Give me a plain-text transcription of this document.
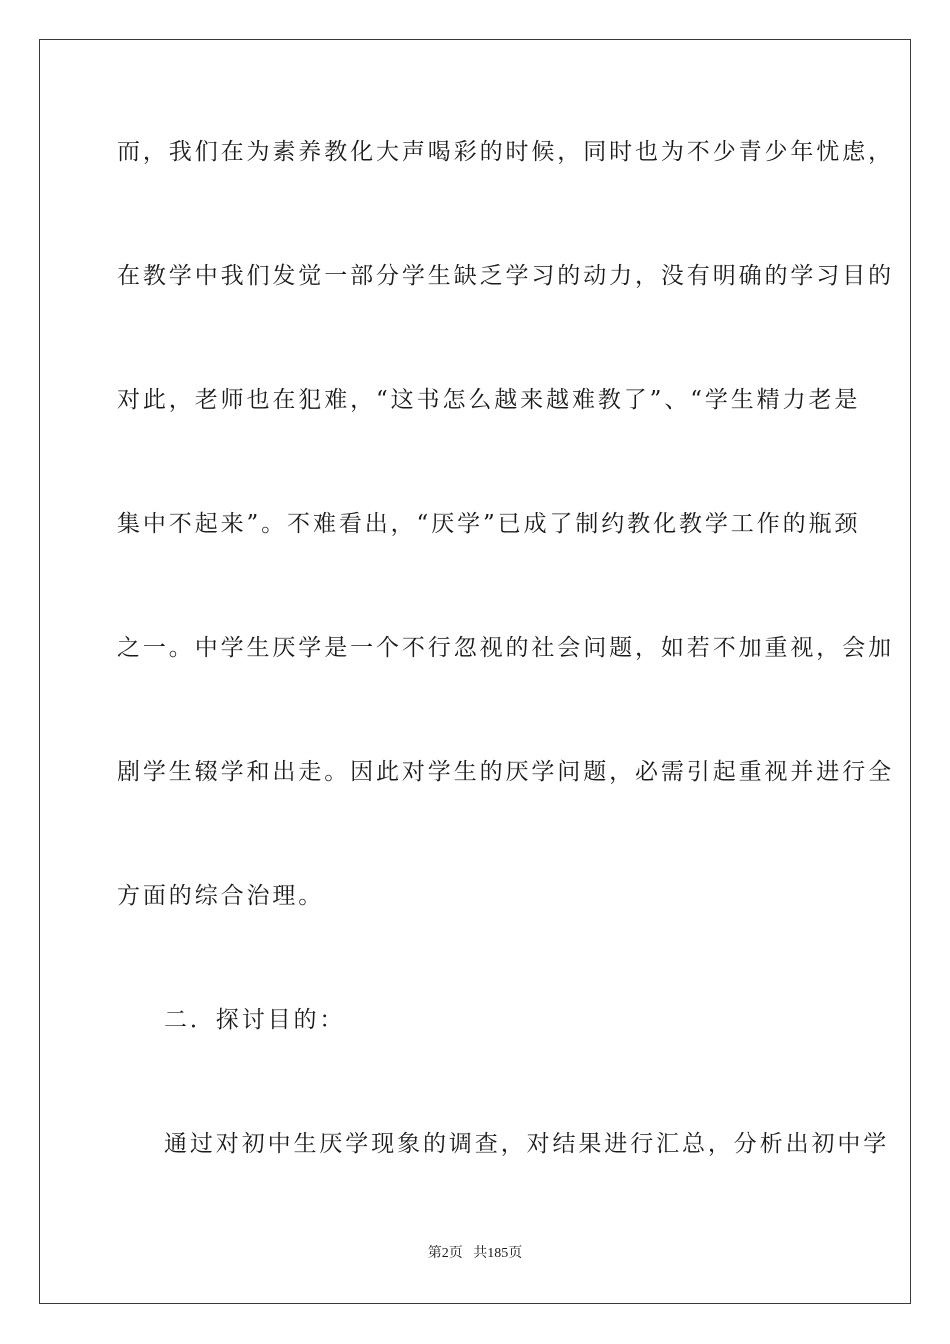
而，我们在为素养教化大声喝彩的时候，同时也为不少青少年忧虑，
在教学中我们发觉一部分学生缺乏学习的动力，没有明确的学习目的
对此，老师也在犯难，“这书怎么越来越难教了”、“学生精力老是
集中不起来”。不难看出，“厌学”已成了制约教化教学工作的瓶颈
之一。中学生厌学是一个不行忽视的社会问题，如若不加重视，会加
剧学生辍学和出走。因此对学生的厌学问题，必需引起重视并进行全
方面的综合治理。
二．探讨目的：
通过对初中生厌学现象的调查，对结果进行汇总，分析出初中学
第2页 共185页
